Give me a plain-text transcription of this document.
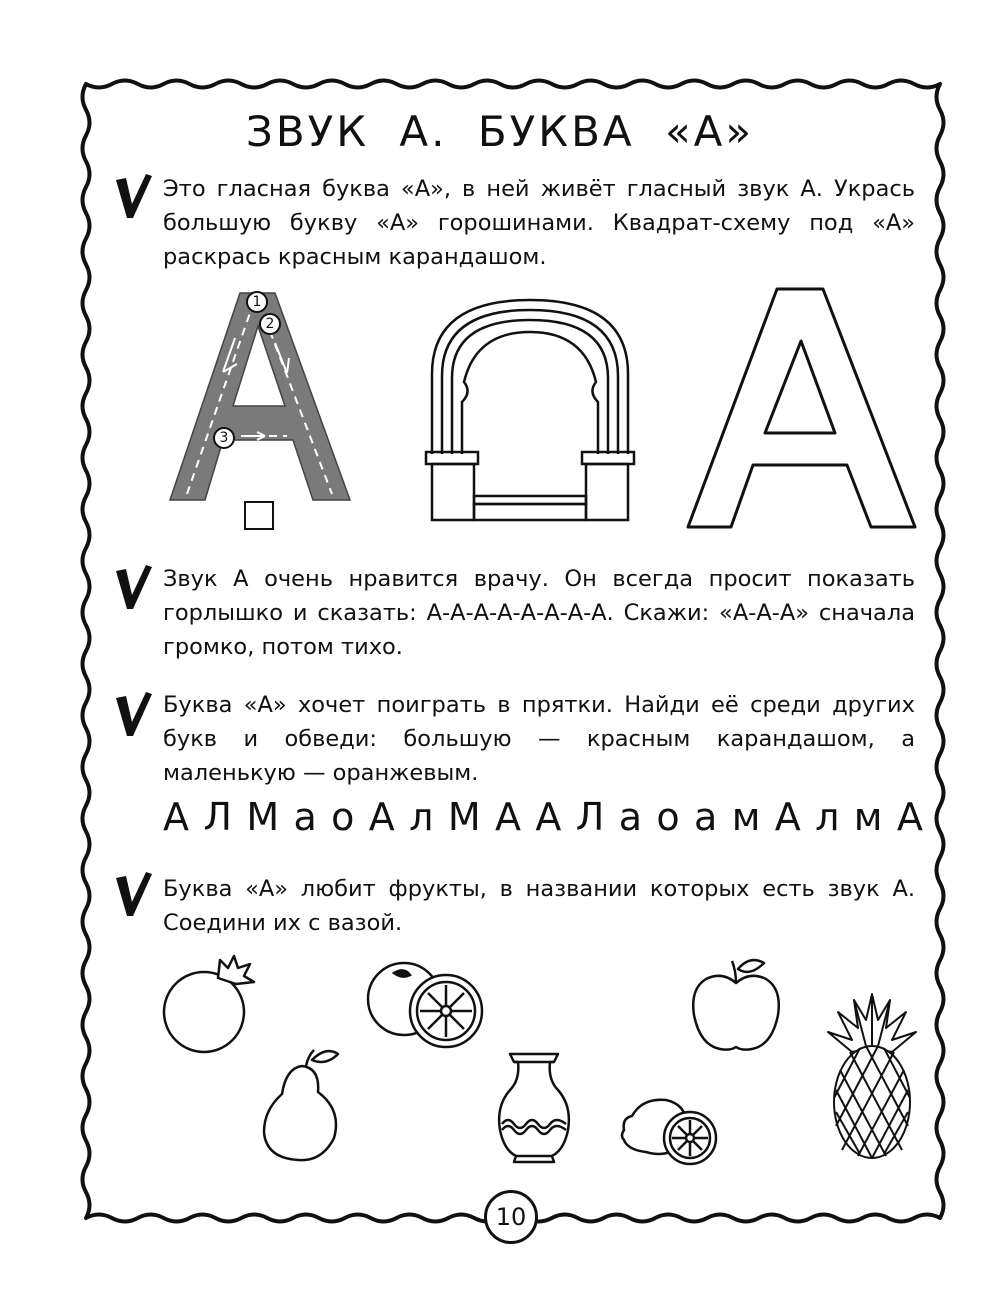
ЗВУК А. БУКВА «А»
Это гласная буква «А», в ней живёт гласный звук А. Укрась большую букву «А» горошинами. Квадрат-схему под «А» раскрась красным карандашом.
1
2
3
Звук А очень нравится врачу. Он всегда просит показать горлышко и сказать: А-А-А-А-А-А-А-А. Скажи: «А-А-А» сначала громко, потом тихо.
Буква «А» хочет поиграть в прятки. Найди её среди других букв и обведи: большую — красным карандашом, а маленькую — оранжевым.
А Л М а о А л М А А Л а о а м А л м А
Буква «А» любит фрукты, в названии которых есть звук А. Соедини их с вазой.
10
